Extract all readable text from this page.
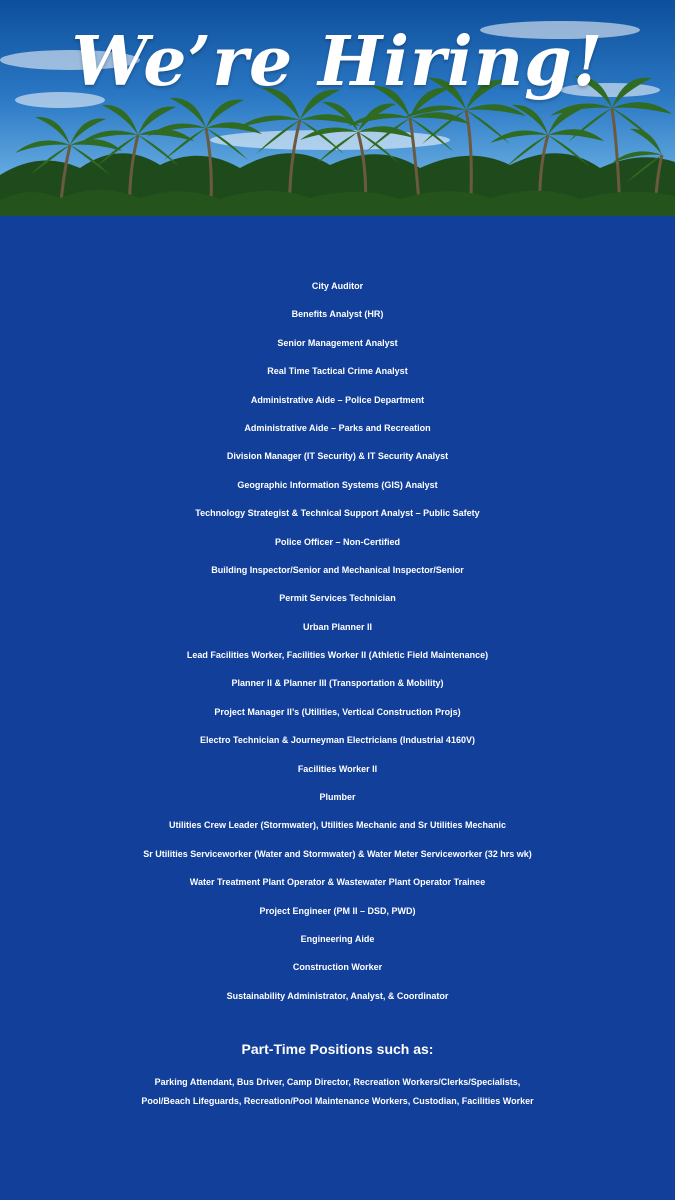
We’re Hiring!
City Auditor
Benefits Analyst (HR)
Senior Management Analyst
Real Time Tactical Crime Analyst
Administrative Aide – Police Department
Administrative Aide – Parks and Recreation
Division Manager (IT Security) & IT Security Analyst
Geographic Information Systems (GIS) Analyst
Technology Strategist & Technical Support Analyst – Public Safety
Police Officer – Non-Certified
Building Inspector/Senior and Mechanical Inspector/Senior
Permit Services Technician
Urban Planner II
Lead Facilities Worker, Facilities Worker II (Athletic Field Maintenance)
Planner II & Planner III (Transportation & Mobility)
Project Manager II’s (Utilities, Vertical Construction Projs)
Electro Technician & Journeyman Electricians (Industrial 4160V)
Facilities Worker II
Plumber
Utilities Crew Leader (Stormwater), Utilities Mechanic and Sr Utilities Mechanic
Sr Utilities Serviceworker (Water and Stormwater) & Water Meter Serviceworker (32 hrs wk)
Water Treatment Plant Operator & Wastewater Plant Operator Trainee
Project Engineer (PM II – DSD, PWD)
Engineering Aide
Construction Worker
Sustainability Administrator, Analyst, & Coordinator

Part-Time Positions such as:

Parking Attendant, Bus Driver, Camp Director, Recreation Workers/Clerks/Specialists,
Pool/Beach Lifeguards, Recreation/Pool Maintenance Workers, Custodian, Facilities Worker
